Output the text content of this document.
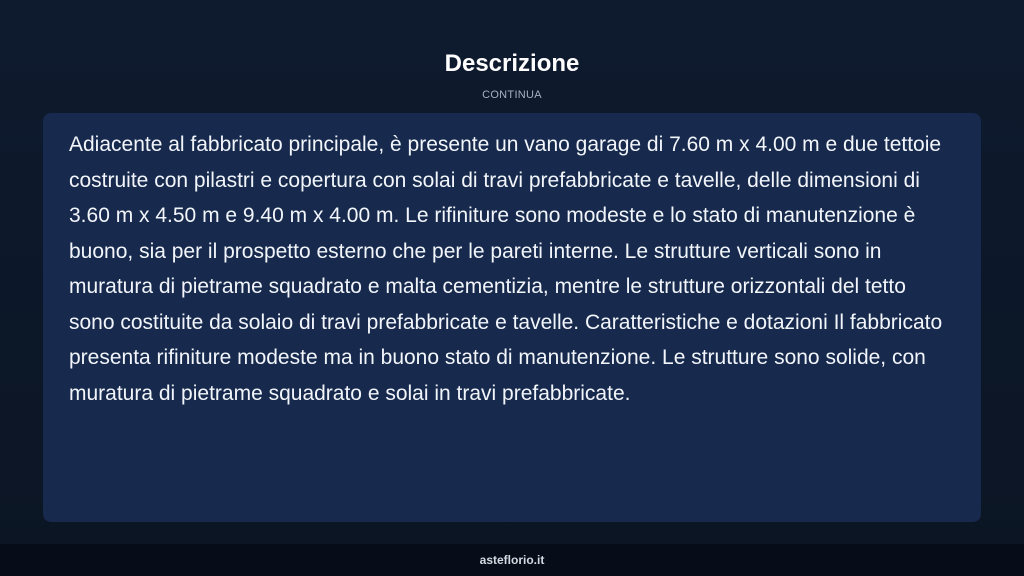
Descrizione
CONTINUA

Adiacente al fabbricato principale, è presente un vano garage di 7.60 m x 4.00 m e due tettoie costruite con pilastri e copertura con solai di travi prefabbricate e tavelle, delle dimensioni di 3.60 m x 4.50 m e 9.40 m x 4.00 m. Le rifiniture sono modeste e lo stato di manutenzione è buono, sia per il prospetto esterno che per le pareti interne. Le strutture verticali sono in muratura di pietrame squadrato e malta cementizia, mentre le strutture orizzontali del tetto sono costituite da solaio di travi prefabbricate e tavelle. Caratteristiche e dotazioni Il fabbricato presenta rifiniture modeste ma in buono stato di manutenzione. Le strutture sono solide, con muratura di pietrame squadrato e solai in travi prefabbricate.

asteflorio.it
